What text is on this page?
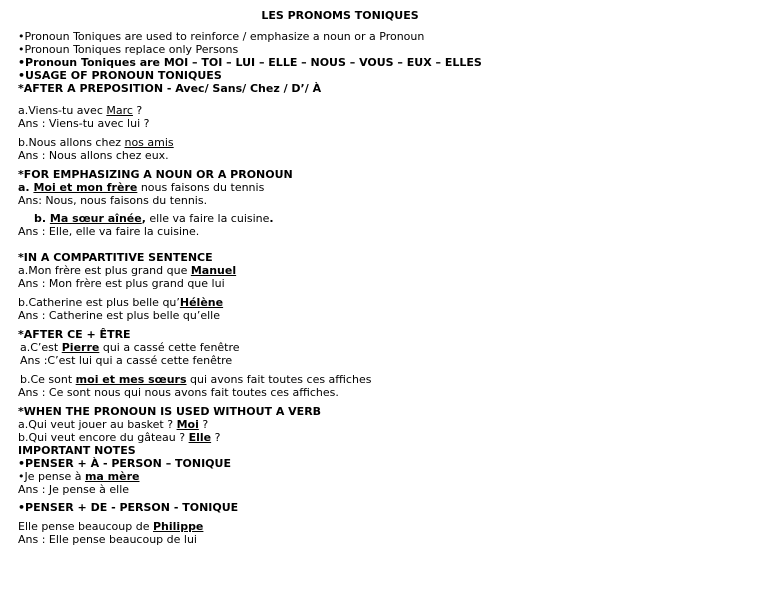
LES PRONOMS TONIQUES
•Pronoun Toniques are used to reinforce / emphasize a noun or a Pronoun
•Pronoun Toniques replace only Persons
•Pronoun Toniques are MOI – TOI – LUI – ELLE – NOUS – VOUS – EUX – ELLES
•USAGE OF PRONOUN TONIQUES
*AFTER A PREPOSITION - Avec/ Sans/ Chez / D’/ À
a.Viens-tu avec Marc ?
Ans : Viens-tu avec lui ?
b.Nous allons chez nos amis
Ans : Nous allons chez eux.
*FOR EMPHASIZING A NOUN OR A PRONOUN
a. Moi et mon frère nous faisons du tennis
Ans: Nous, nous faisons du tennis.
b. Ma sœur aînée, elle va faire la cuisine.
Ans : Elle, elle va faire la cuisine.
*IN A COMPARTITIVE SENTENCE
a.Mon frère est plus grand que Manuel
Ans : Mon frère est plus grand que lui
b.Catherine est plus belle qu’Hélène
Ans : Catherine est plus belle qu’elle
*AFTER CE + ÊTRE
a.C’est Pierre qui a cassé cette fenêtre
Ans :C’est lui qui a cassé cette fenêtre
b.Ce sont moi et mes sœurs qui avons fait toutes ces affiches
Ans : Ce sont nous qui nous avons fait toutes ces affiches.
*WHEN THE PRONOUN IS USED WITHOUT A VERB
a.Qui veut jouer au basket ? Moi ?
b.Qui veut encore du gâteau ? Elle ?
IMPORTANT NOTES
•PENSER + À - PERSON – TONIQUE
•Je pense à ma mère
Ans : Je pense à elle
•PENSER + DE - PERSON - TONIQUE
Elle pense beaucoup de Philippe
Ans : Elle pense beaucoup de lui
